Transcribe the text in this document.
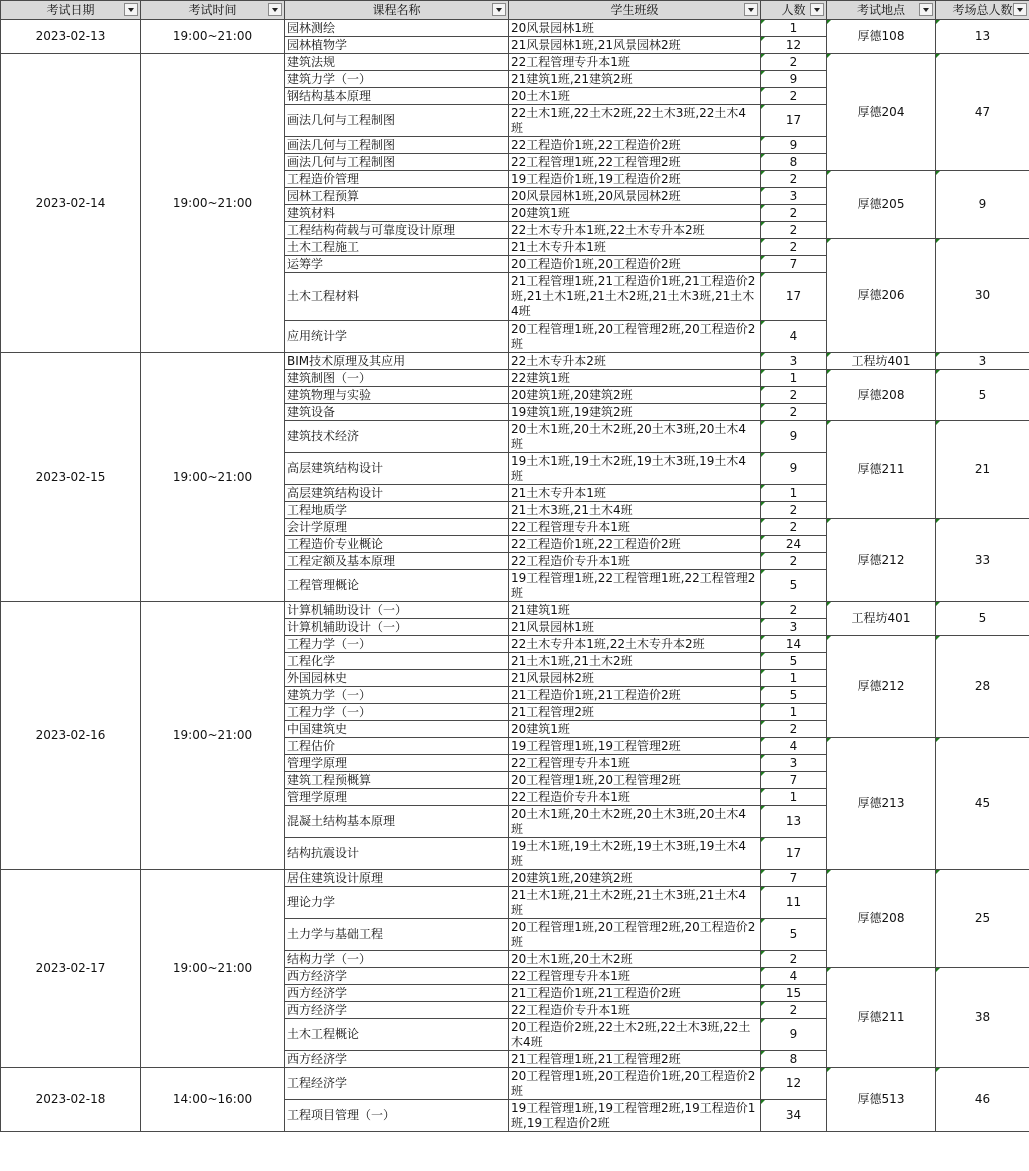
考试日期	考试时间	课程名称	学生班级	人数	考试地点	考场总人数

2023-02-13	19:00~21:00	园林测绘	20风景园林1班	1	厚德108	13
		园林植物学	21风景园林1班,21风景园林2班	12		
2023-02-14	19:00~21:00	建筑法规	22工程管理专升本1班	2	厚德204	47
		建筑力学（一）	21建筑1班,21建筑2班	9		
		钢结构基本原理	20土木1班	2		
		画法几何与工程制图	22土木1班,22土木2班,22土木3班,22土木4班	17		
		画法几何与工程制图	22工程造价1班,22工程造价2班	9		
		画法几何与工程制图	22工程管理1班,22工程管理2班	8		
		工程造价管理	19工程造价1班,19工程造价2班	2	厚德205	9
		园林工程预算	20风景园林1班,20风景园林2班	3		
		建筑材料	20建筑1班	2		
		工程结构荷载与可靠度设计原理	22土木专升本1班,22土木专升本2班	2		
		土木工程施工	21土木专升本1班	2	厚德206	30
		运筹学	20工程造价1班,20工程造价2班	7		
		土木工程材料	21工程管理1班,21工程造价1班,21工程造价2班,21土木1班,21土木2班,21土木3班,21土木4班	17		
		应用统计学	20工程管理1班,20工程管理2班,20工程造价2班	4		
2023-02-15	19:00~21:00	BIM技术原理及其应用	22土木专升本2班	3	工程坊401	3
		建筑制图（一）	22建筑1班	1	厚德208	5
		建筑物理与实验	20建筑1班,20建筑2班	2		
		建筑设备	19建筑1班,19建筑2班	2		
		建筑技术经济	20土木1班,20土木2班,20土木3班,20土木4班	9	厚德211	21
		高层建筑结构设计	19土木1班,19土木2班,19土木3班,19土木4班	9		
		高层建筑结构设计	21土木专升本1班	1		
		工程地质学	21土木3班,21土木4班	2		
		会计学原理	22工程管理专升本1班	2	厚德212	33
		工程造价专业概论	22工程造价1班,22工程造价2班	24		
		工程定额及基本原理	22工程造价专升本1班	2		
		工程管理概论	19工程管理1班,22工程管理1班,22工程管理2班	5		
2023-02-16	19:00~21:00	计算机辅助设计（一）	21建筑1班	2	工程坊401	5
		计算机辅助设计（一）	21风景园林1班	3		
		工程力学（一）	22土木专升本1班,22土木专升本2班	14	厚德212	28
		工程化学	21土木1班,21土木2班	5		
		外国园林史	21风景园林2班	1		
		建筑力学（一）	21工程造价1班,21工程造价2班	5		
		工程力学（一）	21工程管理2班	1		
		中国建筑史	20建筑1班	2		
		工程估价	19工程管理1班,19工程管理2班	4	厚德213	45
		管理学原理	22工程管理专升本1班	3		
		建筑工程预概算	20工程管理1班,20工程管理2班	7		
		管理学原理	22工程造价专升本1班	1		
		混凝土结构基本原理	20土木1班,20土木2班,20土木3班,20土木4班	13		
		结构抗震设计	19土木1班,19土木2班,19土木3班,19土木4班	17		
2023-02-17	19:00~21:00	居住建筑设计原理	20建筑1班,20建筑2班	7	厚德208	25
		理论力学	21土木1班,21土木2班,21土木3班,21土木4班	11		
		土力学与基础工程	20工程管理1班,20工程管理2班,20工程造价2班	5		
		结构力学（一）	20土木1班,20土木2班	2		
		西方经济学	22工程管理专升本1班	4	厚德211	38
		西方经济学	21工程造价1班,21工程造价2班	15		
		西方经济学	22工程造价专升本1班	2		
		土木工程概论	20工程造价2班,22土木2班,22土木3班,22土木4班	9		
		西方经济学	21工程管理1班,21工程管理2班	8		
2023-02-18	14:00~16:00	工程经济学	20工程管理1班,20工程造价1班,20工程造价2班	12	厚德513	46
		工程项目管理（一）	19工程管理1班,19工程管理2班,19工程造价1班,19工程造价2班	34		
